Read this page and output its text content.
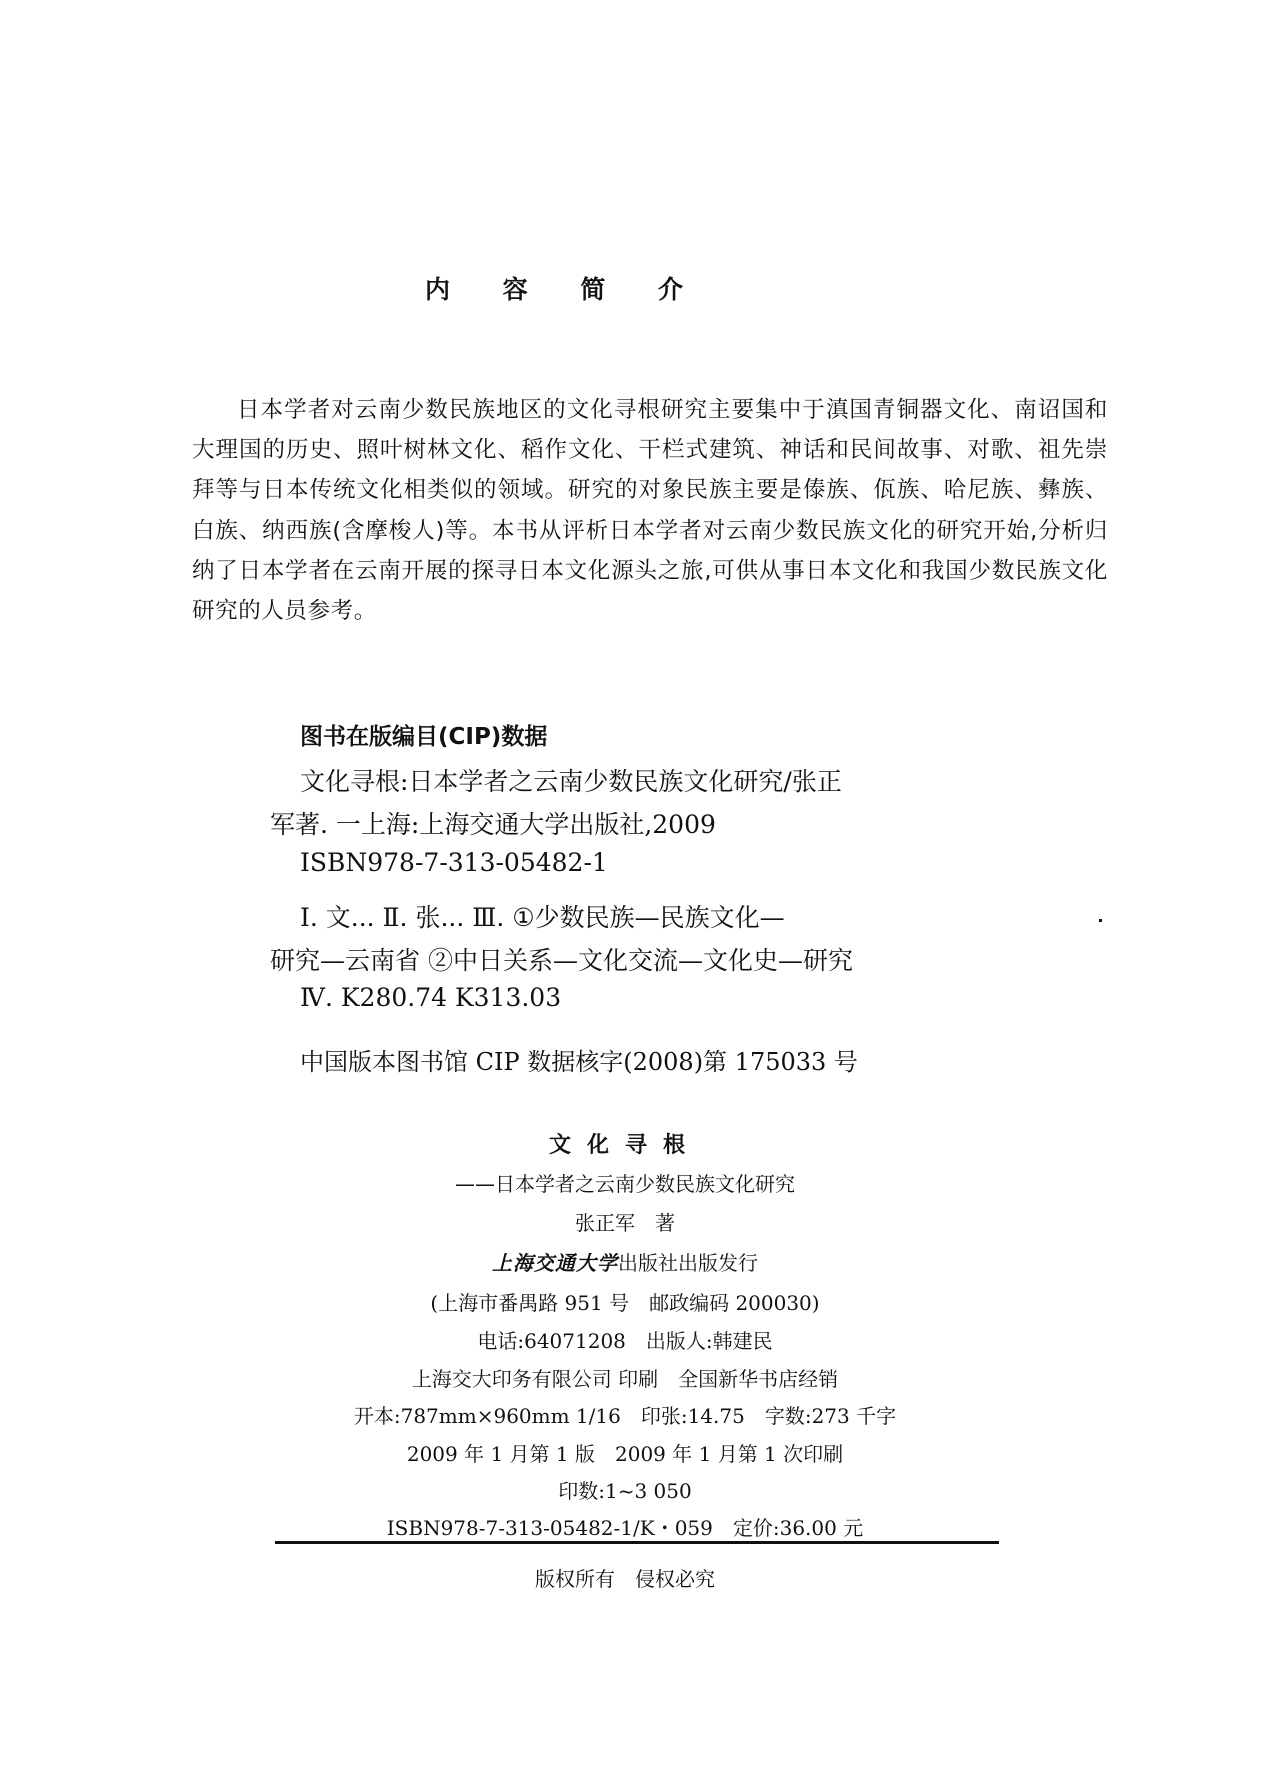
内 容 简 介
日本学者对云南少数民族地区的文化寻根研究主要集中于滇国青铜器文化、南诏国和大理国的历史、照叶树林文化、稻作文化、干栏式建筑、神话和民间故事、对歌、祖先崇拜等与日本传统文化相类似的领域。研究的对象民族主要是傣族、佤族、哈尼族、彝族、白族、纳西族(含摩梭人)等。本书从评析日本学者对云南少数民族文化的研究开始,分析归纳了日本学者在云南开展的探寻日本文化源头之旅,可供从事日本文化和我国少数民族文化研究的人员参考。
图书在版编目(CIP)数据
文化寻根:日本学者之云南少数民族文化研究/张正
军著. 一上海:上海交通大学出版社,2009
ISBN978-7-313-05482-1
Ⅰ. 文... Ⅱ. 张... Ⅲ. ①少数民族—民族文化—
研究—云南省 ②中日关系—文化交流—文化史—研究
Ⅳ. K280.74 K313.03
中国版本图书馆 CIP 数据核字(2008)第 175033 号
文化寻根
——日本学者之云南少数民族文化研究
张正军　著
上海交通大学出版社出版发行
(上海市番禺路 951 号　邮政编码 200030)
电话:64071208　出版人:韩建民
上海交大印务有限公司 印刷　全国新华书店经销
开本:787mm×960mm 1/16　印张:14.75　字数:273 千字
2009 年 1 月第 1 版　2009 年 1 月第 1 次印刷
印数:1~3 050
ISBN978-7-313-05482-1/K・059　定价:36.00 元
版权所有　侵权必究
